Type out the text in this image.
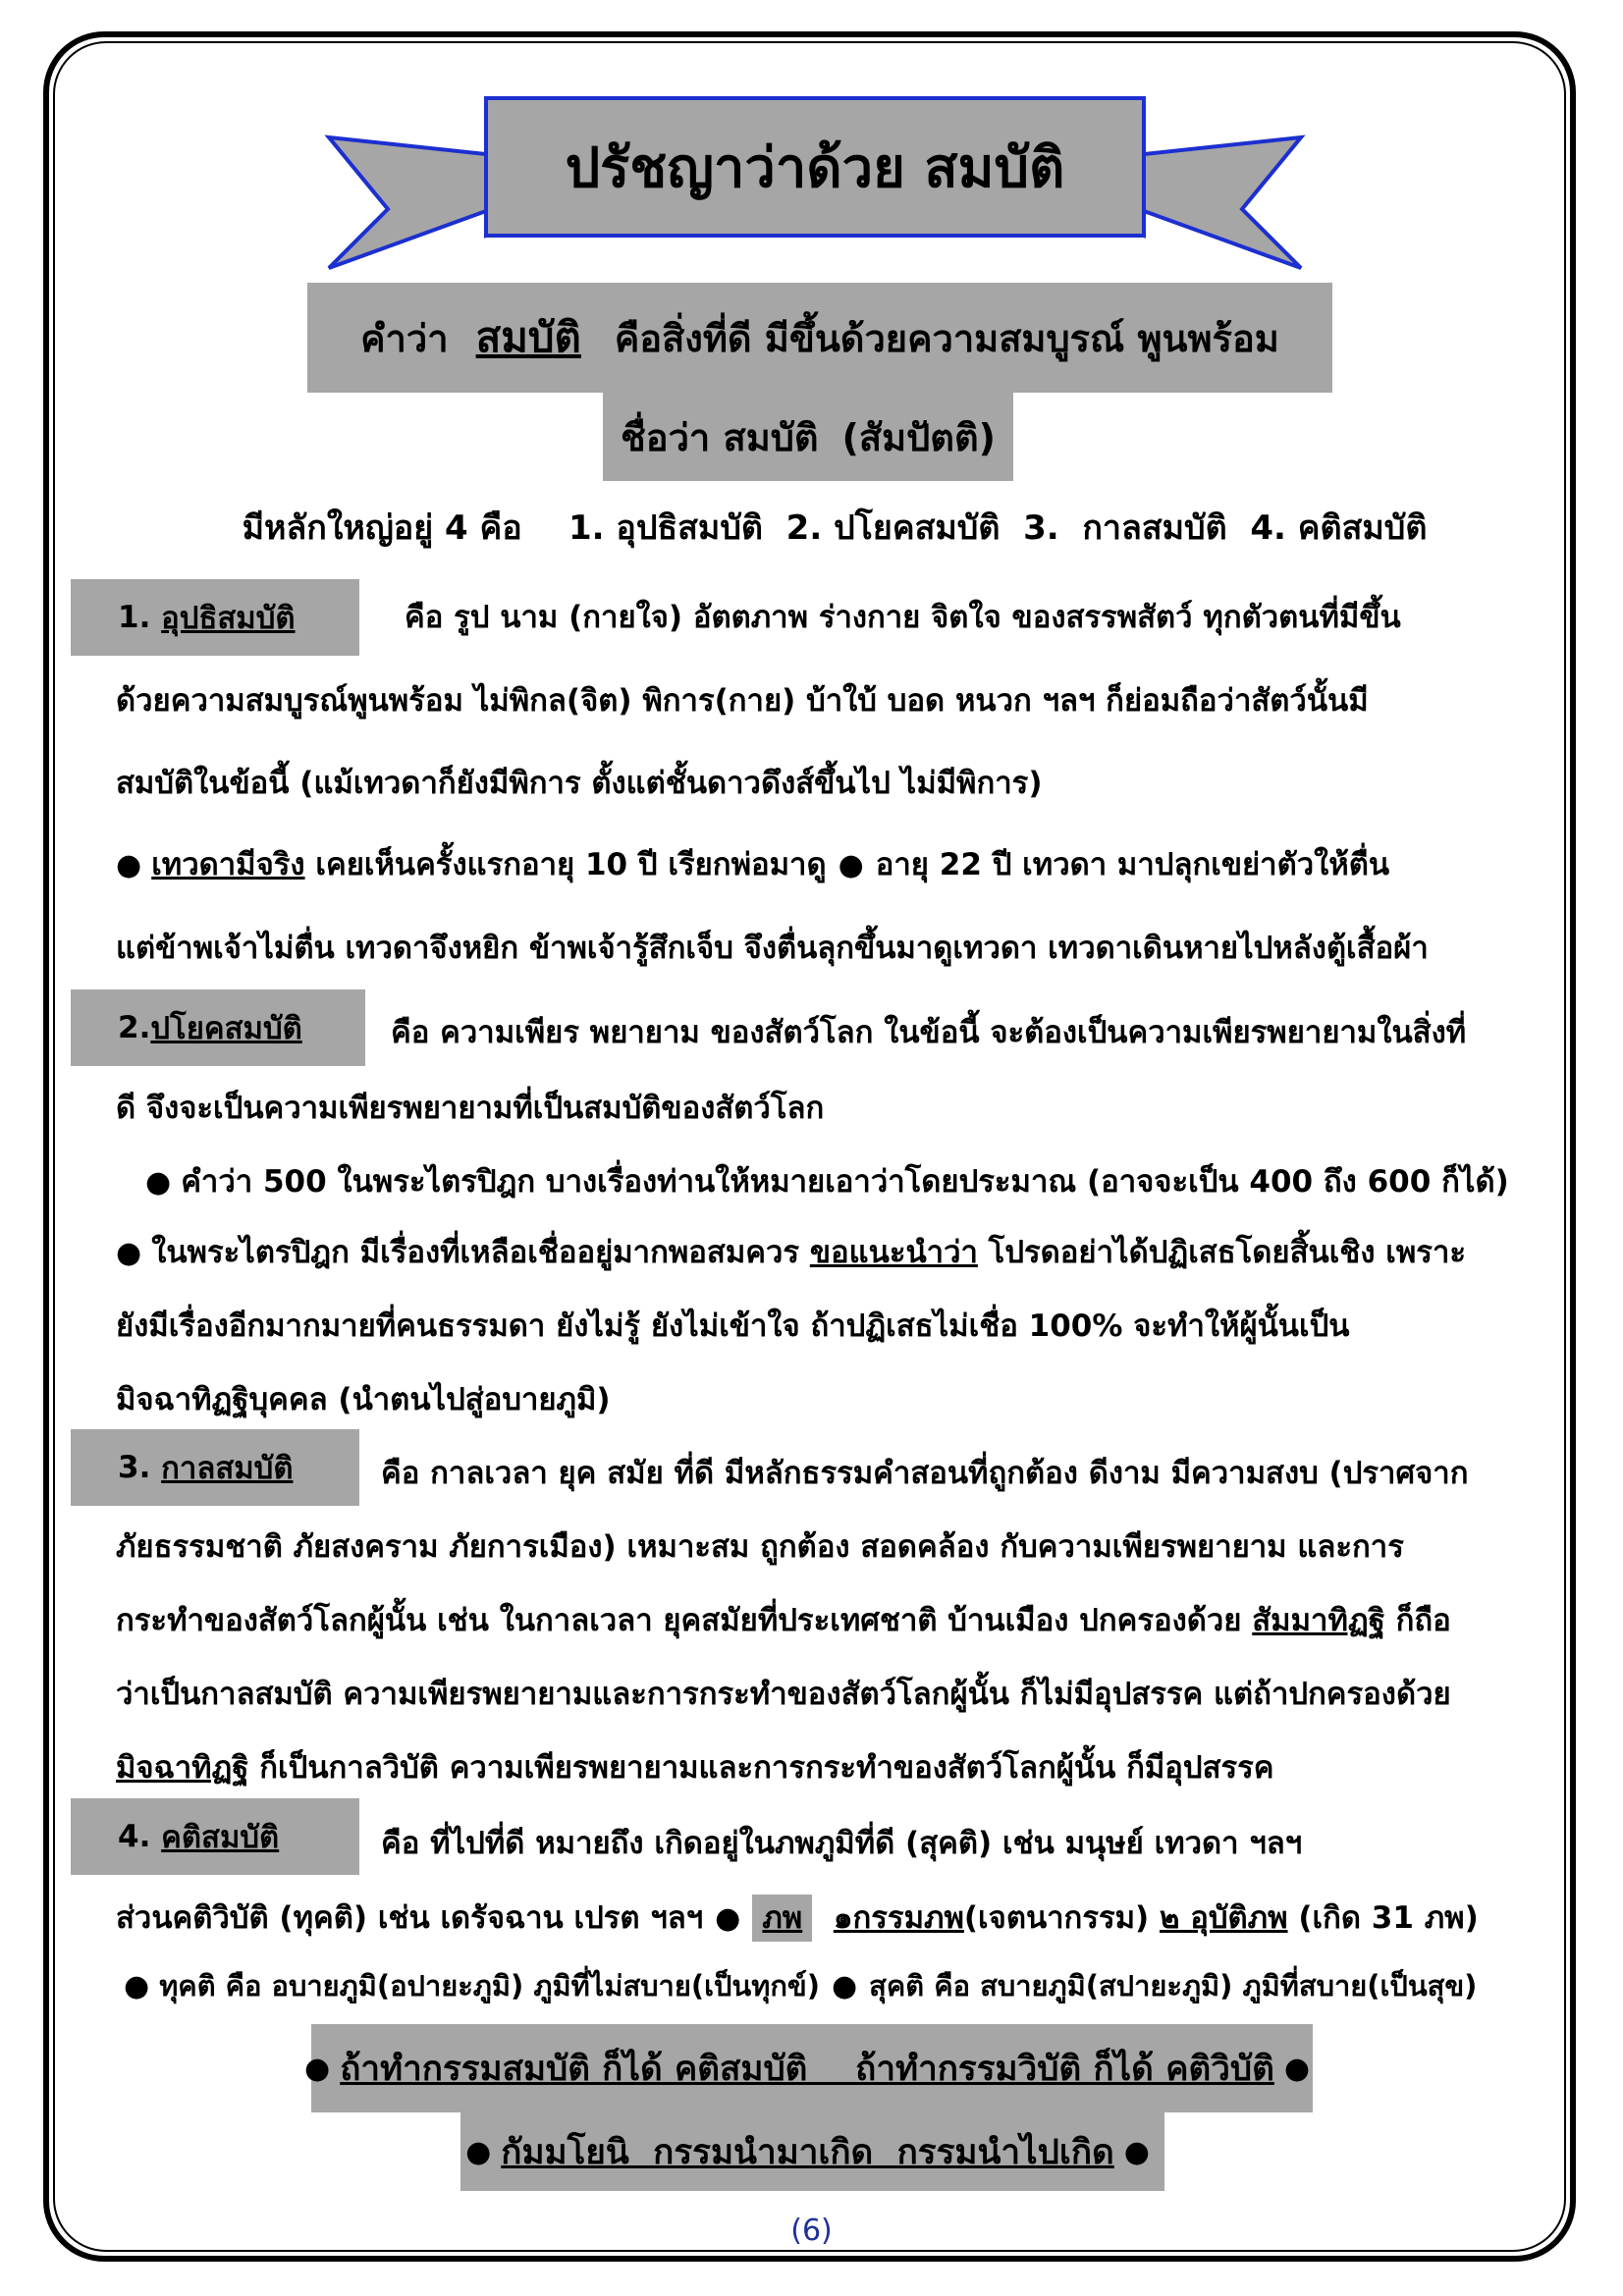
ปรัชญาว่าด้วย สมบัติ
คำว่า สมบัติ คือสิ่งที่ดี มีขึ้นด้วยความสมบูรณ์ พูนพร้อม
ชื่อว่า สมบัติ (สัมปัตติ)
มีหลักใหญ่อยู่ 4 คือ    1. อุปธิสมบัติ  2. ปโยคสมบัติ  3.  กาลสมบัติ  4. คติสมบัติ
1.
อุปธิสมบัติ	คือ รูป นาม (กายใจ) อัตตภาพ ร่างกาย จิตใจ ของสรรพสัตว์ ทุกตัวตนที่มีขึ้น
ด้วยความสมบูรณ์พูนพร้อม ไม่พิกล(จิต) พิการ(กาย) บ้าใบ้ บอด หนวก ฯลฯ ก็ย่อมถือว่าสัตว์นั้นมี
สมบัติในข้อนี้ (แม้เทวดาก็ยังมีพิการ ตั้งแต่ชั้นดาวดึงส์ขึ้นไป ไม่มีพิการ)
● เทวดามีจริง เคยเห็นครั้งแรกอายุ 10 ปี เรียกพ่อมาดู ● อายุ 22 ปี เทวดา มาปลุกเขย่าตัวให้ตื่น
แต่ข้าพเจ้าไม่ตื่น เทวดาจึงหยิก ข้าพเจ้ารู้สึกเจ็บ จึงตื่นลุกขึ้นมาดูเทวดา เทวดาเดินหายไปหลังตู้เสื้อผ้า
2. ปโยคสมบัติ	คือ ความเพียร พยายาม ของสัตว์โลก ในข้อนี้ จะต้องเป็นความเพียรพยายามในสิ่งที่
ดี จึงจะเป็นความเพียรพยายามที่เป็นสมบัติของสัตว์โลก
● คำว่า 500 ในพระไตรปิฎก บางเรื่องท่านให้หมายเอาว่าโดยประมาณ (อาจจะเป็น 400 ถึง 600 ก็ได้)
● ในพระไตรปิฎก มีเรื่องที่เหลือเชื่ออยู่มากพอสมควร ขอแนะนำว่า โปรดอย่าได้ปฏิเสธโดยสิ้นเชิง เพราะ
ยังมีเรื่องอีกมากมายที่คนธรรมดา ยังไม่รู้ ยังไม่เข้าใจ ถ้าปฏิเสธไม่เชื่อ 100% จะทำให้ผู้นั้นเป็น
มิจฉาทิฏฐิบุคคล (นำตนไปสู่อบายภูมิ)
3.
กาลสมบัติ	คือ กาลเวลา ยุค สมัย ที่ดี มีหลักธรรมคำสอนที่ถูกต้อง ดีงาม มีความสงบ (ปราศจาก
ภัยธรรมชาติ ภัยสงคราม ภัยการเมือง) เหมาะสม ถูกต้อง สอดคล้อง กับความเพียรพยายาม และการ
กระทำของสัตว์โลกผู้นั้น เช่น ในกาลเวลา ยุคสมัยที่ประเทศชาติ บ้านเมือง ปกครองด้วย สัมมาทิฏฐิ ก็ถือ
ว่าเป็นกาลสมบัติ ความเพียรพยายามและการกระทำของสัตว์โลกผู้นั้น ก็ไม่มีอุปสรรค แต่ถ้าปกครองด้วย
มิจฉาทิฏฐิ ก็เป็นกาลวิบัติ ความเพียรพยายามและการกระทำของสัตว์โลกผู้นั้น ก็มีอุปสรรค
4.
คติสมบัติ	คือ ที่ไปที่ดี หมายถึง เกิดอยู่ในภพภูมิที่ดี (สุคติ) เช่น มนุษย์ เทวดา ฯลฯ
ส่วนคติวิบัติ (ทุคติ) เช่น เดรัจฉาน เปรต ฯลฯ ● ภพ ๑กรรมภพ(เจตนากรรม) ๒ อุบัติภพ (เกิด 31 ภพ)
● ทุคติ คือ อบายภูมิ(อปายะภูมิ) ภูมิที่ไม่สบาย(เป็นทุกข์) ● สุคติ คือ สบายภูมิ(สปายะภูมิ) ภูมิที่สบาย(เป็นสุข)
● ถ้าทำกรรมสมบัติ ก็ได้ คติสมบัติ    ถ้าทำกรรมวิบัติ ก็ได้ คติวิบัติ ●
● กัมมโยนิ  กรรมนำมาเกิด  กรรมนำไปเกิด ●
(6)
